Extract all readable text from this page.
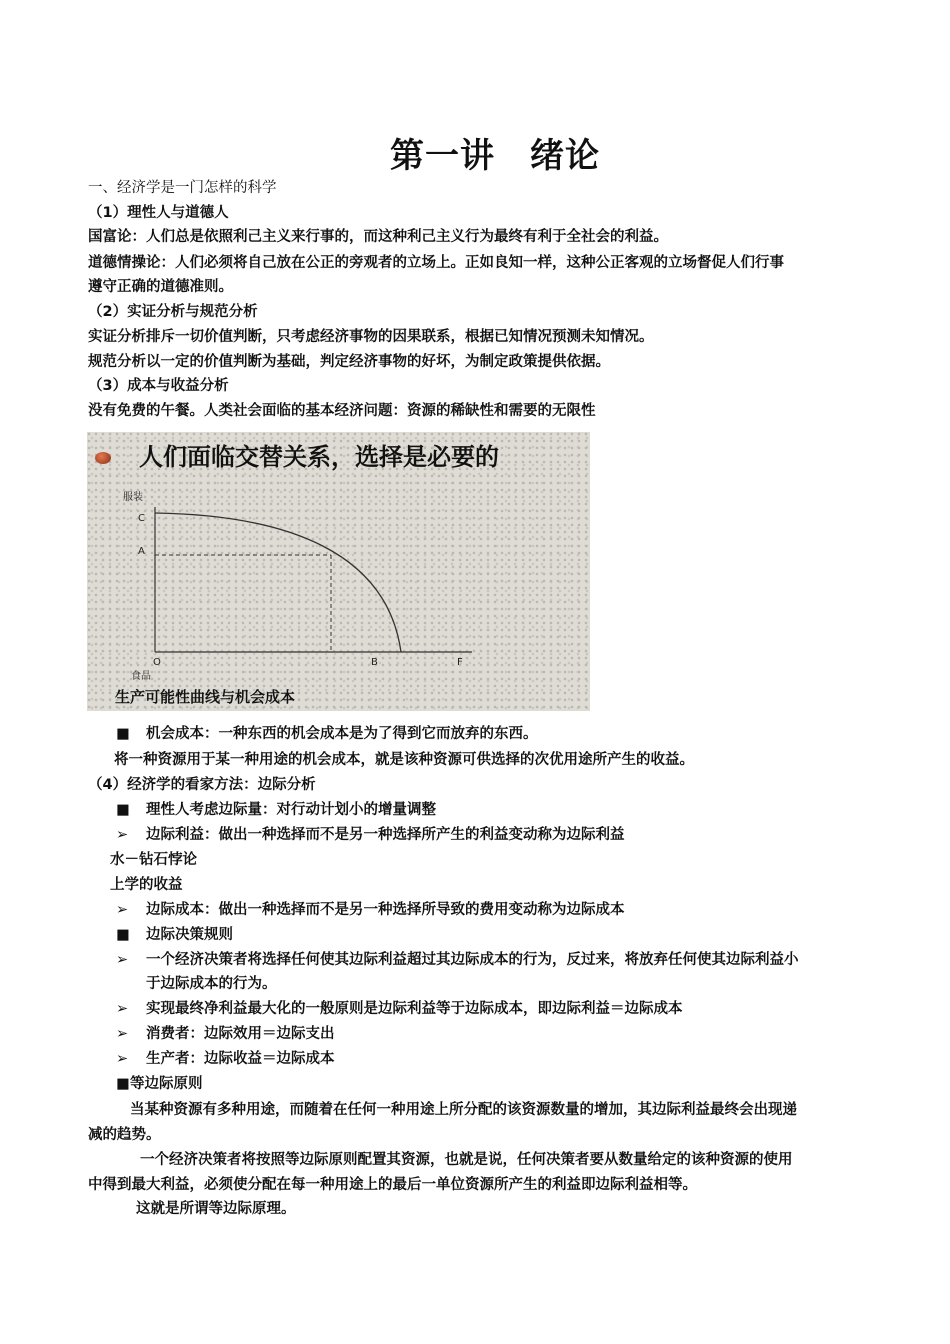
第一讲　绪论
一、经济学是一门怎样的科学
（1）理性人与道德人
国富论：人们总是依照利己主义来行事的，而这种利己主义行为最终有利于全社会的利益。
道德情操论：人们必须将自己放在公正的旁观者的立场上。正如良知一样，这种公正客观的立场督促人们行事
遵守正确的道德准则。
（2）实证分析与规范分析
实证分析排斥一切价值判断，只考虑经济事物的因果联系，根据已知情况预测未知情况。
规范分析以一定的价值判断为基础，判定经济事物的好坏，为制定政策提供依据。
（3）成本与收益分析
没有免费的午餐。人类社会面临的基本经济问题：资源的稀缺性和需要的无限性
人们面临交替关系，选择是必要的
服装
C
A
O	B	F
食品
生产可能性曲线与机会成本
■ 机会成本：一种东西的机会成本是为了得到它而放弃的东西。
将一种资源用于某一种用途的机会成本，就是该种资源可供选择的次优用途所产生的收益。
（4）经济学的看家方法：边际分析
■ 理性人考虑边际量：对行动计划小的增量调整
➢ 边际利益：做出一种选择而不是另一种选择所产生的利益变动称为边际利益
水－钻石悖论
上学的收益
➢ 边际成本：做出一种选择而不是另一种选择所导致的费用变动称为边际成本
■ 边际决策规则
➢ 一个经济决策者将选择任何使其边际利益超过其边际成本的行为，反过来，将放弃任何使其边际利益小
于边际成本的行为。
➢ 实现最终净利益最大化的一般原则是边际利益等于边际成本，即边际利益＝边际成本
➢ 消费者：边际效用＝边际支出
➢ 生产者：边际收益＝边际成本
■等边际原则
当某种资源有多种用途，而随着在任何一种用途上所分配的该资源数量的增加，其边际利益最终会出现递
减的趋势。
一个经济决策者将按照等边际原则配置其资源，也就是说，任何决策者要从数量给定的该种资源的使用
中得到最大利益，必须使分配在每一种用途上的最后一单位资源所产生的利益即边际利益相等。
这就是所谓等边际原理。
